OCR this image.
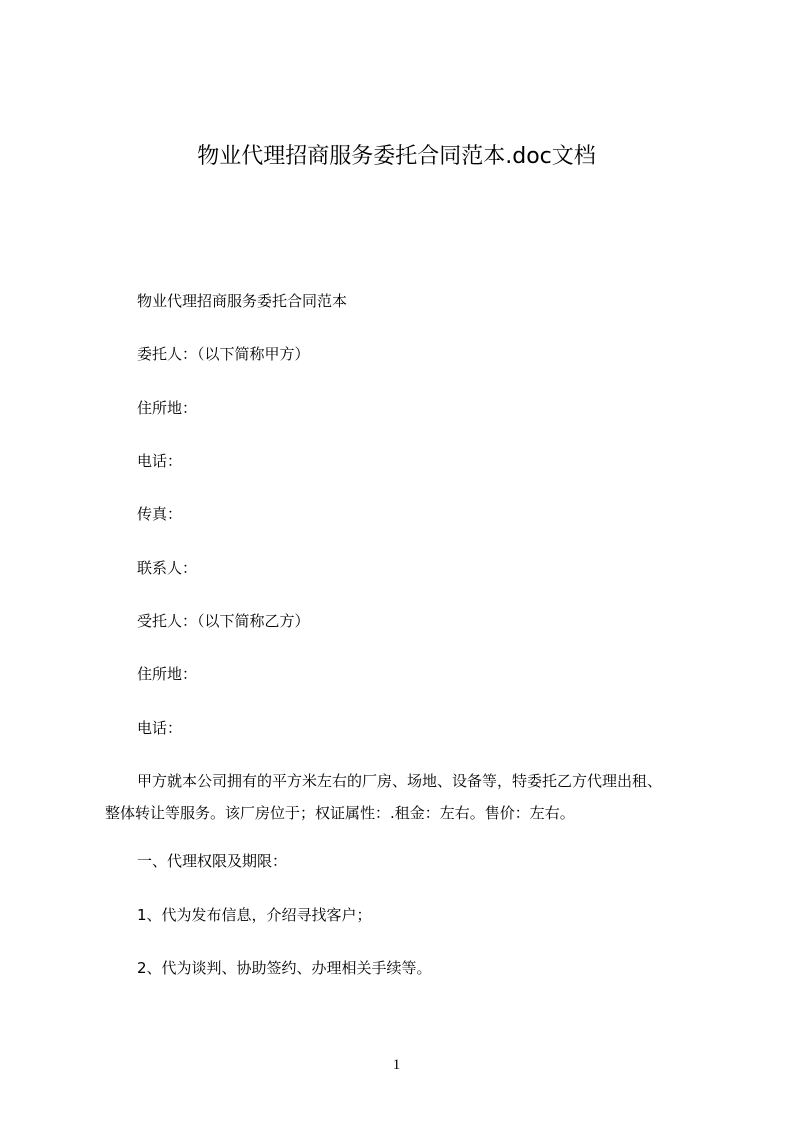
物业代理招商服务委托合同范本.doc文档
物业代理招商服务委托合同范本
委托人：（以下简称甲方）
住所地：
电话：
传真：
联系人：
受托人：（以下简称乙方）
住所地：
电话：
甲方就本公司拥有的平方米左右的厂房、场地、设备等，特委托乙方代理出租、
整体转让等服务。该厂房位于；权证属性：.租金：左右。售价：左右。
一、代理权限及期限：
1、代为发布信息，介绍寻找客户；
2、代为谈判、协助签约、办理相关手续等。
1
